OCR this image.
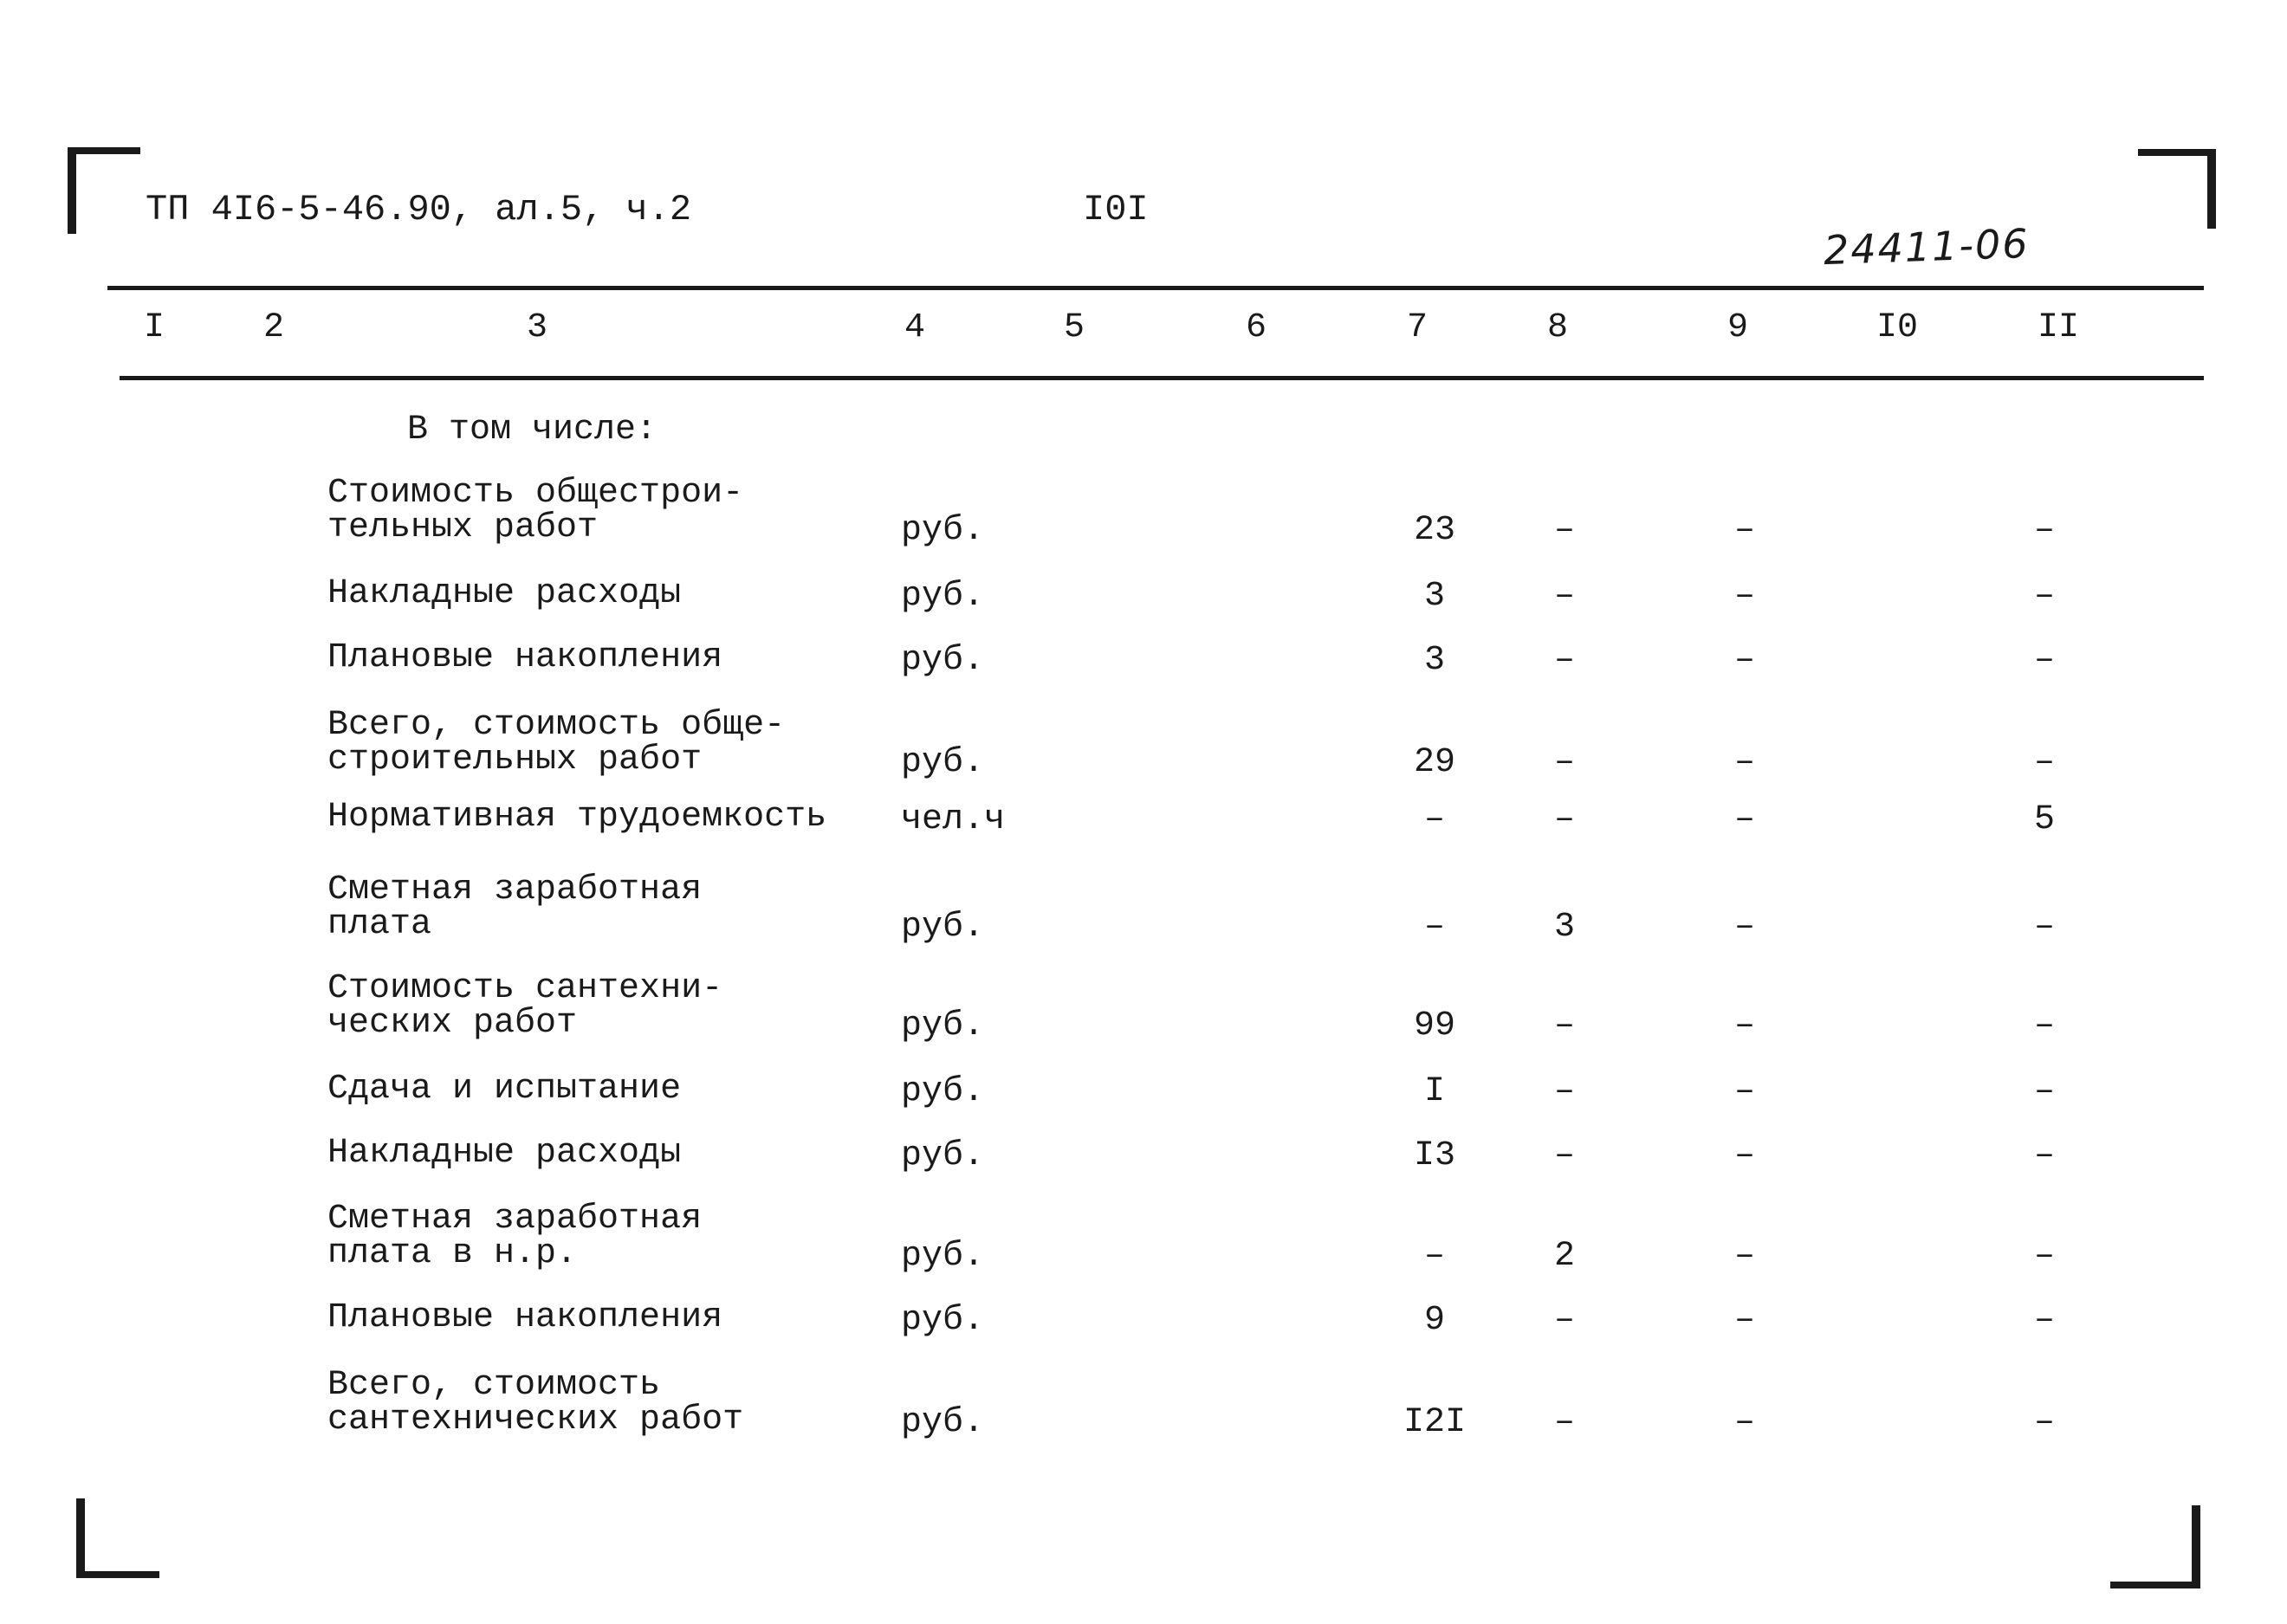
ТП 4I6-5-46.90, ал.5, ч.2	I0I
24411-06
I	2	3	4	5	6	7	8	9	I0	II
В том числе:
Стоимость общестрои-
тельных работ	руб.	23	–	–	–
Накладные расходы	руб.	3	–	–	–
Плановые накопления	руб.	3	–	–	–
Всего, стоимость обще-
строительных работ	руб.	29	–	–	–
Нормативная трудоемкость чел.ч	–	–	–	5
Сметная заработная
плата	руб.	–	3	–	–
Стоимость сантехни-
ческих работ	руб.	99	–	–	–
Сдача и испытание	руб.	I	–	–	–
Накладные расходы	руб.	I3	–	–	–
Сметная заработная
плата в н.р.	руб.	–	2	–	–
Плановые накопления	руб.	9	–	–	–
Всего, стоимость
сантехнических работ	руб.	I2I	–	–	–
